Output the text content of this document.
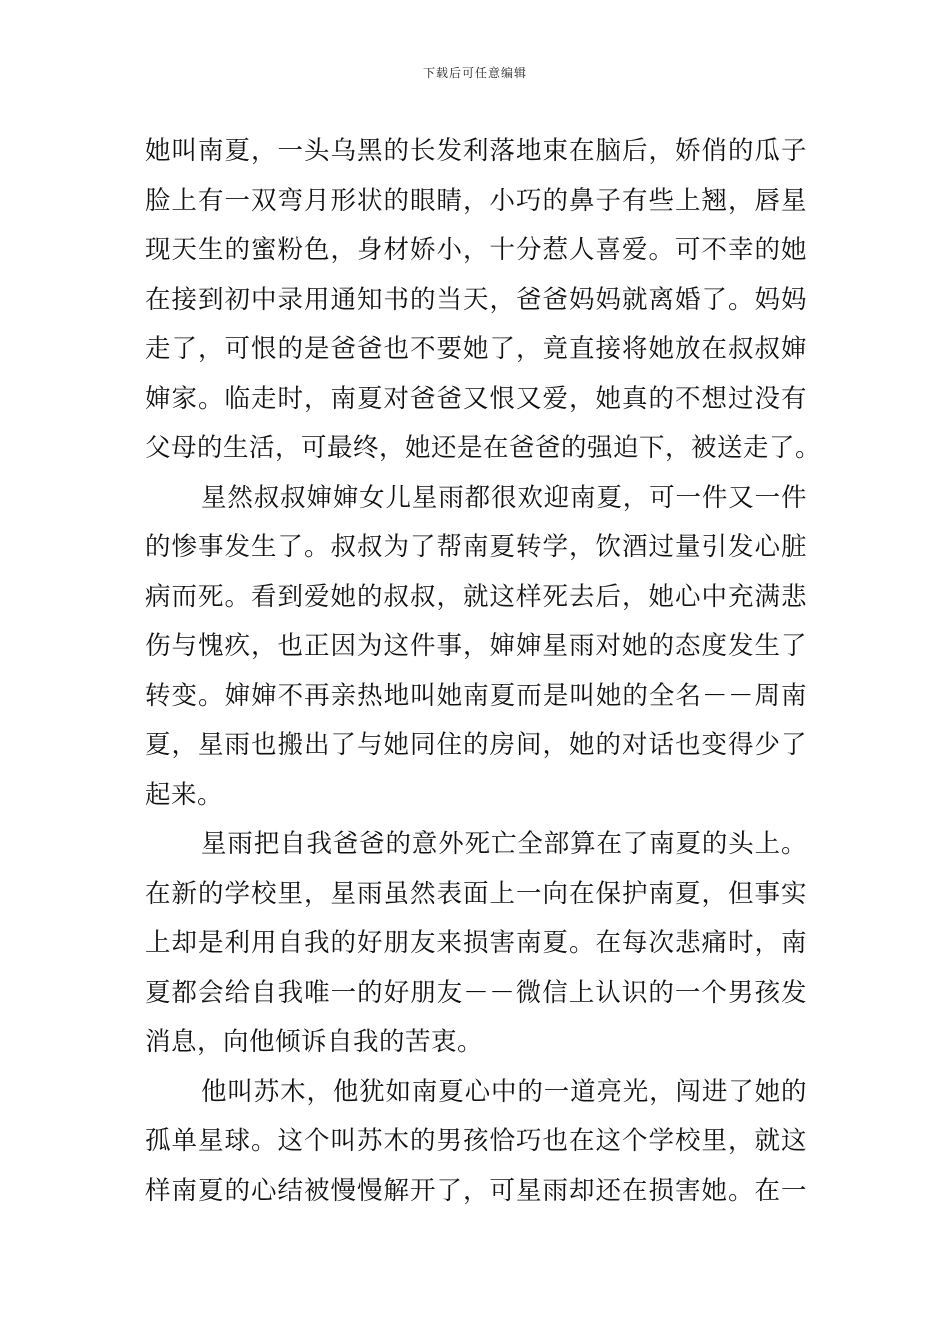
下载后可任意编辑
她叫南夏，一头乌黑的长发利落地束在脑后，娇俏的瓜子
脸上有一双弯月形状的眼睛，小巧的鼻子有些上翘，唇星
现天生的蜜粉色，身材娇小，十分惹人喜爱。可不幸的她
在接到初中录用通知书的当天，爸爸妈妈就离婚了。妈妈
走了，可恨的是爸爸也不要她了，竟直接将她放在叔叔婶
婶家。临走时，南夏对爸爸又恨又爱，她真的不想过没有
父母的生活，可最终，她还是在爸爸的强迫下，被送走了。
星然叔叔婶婶女儿星雨都很欢迎南夏，可一件又一件
的惨事发生了。叔叔为了帮南夏转学，饮酒过量引发心脏
病而死。看到爱她的叔叔，就这样死去后，她心中充满悲
伤与愧疚，也正因为这件事，婶婶星雨对她的态度发生了
转变。婶婶不再亲热地叫她南夏而是叫她的全名－－周南
夏，星雨也搬出了与她同住的房间，她的对话也变得少了
起来。
星雨把自我爸爸的意外死亡全部算在了南夏的头上。
在新的学校里，星雨虽然表面上一向在保护南夏，但事实
上却是利用自我的好朋友来损害南夏。在每次悲痛时，南
夏都会给自我唯一的好朋友－－微信上认识的一个男孩发
消息，向他倾诉自我的苦衷。
他叫苏木，他犹如南夏心中的一道亮光，闯进了她的
孤单星球。这个叫苏木的男孩恰巧也在这个学校里，就这
样南夏的心结被慢慢解开了，可星雨却还在损害她。在一
